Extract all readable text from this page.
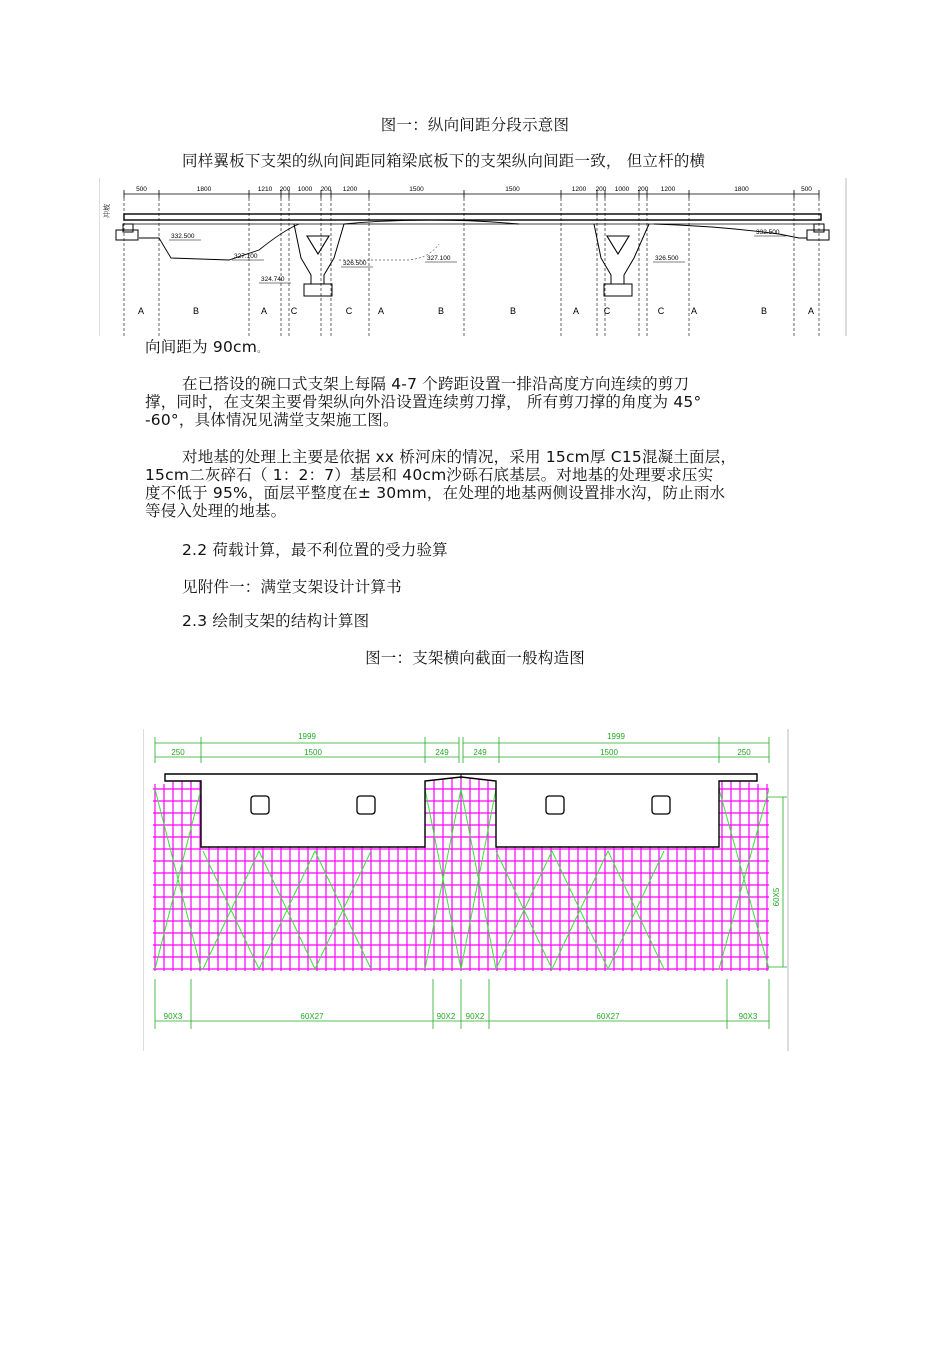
图一：纵向间距分段示意图
同样翼板下支架的纵向间距同箱梁底板下的支架纵向间距一致， 但立杆的横
500	1800	1210 200 1000 200 1200	1500	1500	1200 200 1000 200 1200	1800	500
冲坡
332.500
327.100
324.740
326.500
327.100	326.500
332.500
A	B	A	C	C	A	B	B	A	C	C	A	B	A
向间距为 90cm。
在已搭设的碗口式支架上每隔 4-7 个跨距设置一排沿高度方向连续的剪刀
撑，同时，在支架主要骨架纵向外沿设置连续剪刀撑， 所有剪刀撑的角度为 45°
-60°，具体情况见满堂支架施工图。
对地基的处理上主要是依据 xx 桥河床的情况，采用 15cm厚 C15混凝土面层，
15cm二灰碎石（ 1：2：7）基层和 40cm沙砾石底基层。对地基的处理要求压实
度不低于 95%，面层平整度在± 30mm，在处理的地基两侧设置排水沟，防止雨水
等侵入处理的地基。
2.2 荷载计算，最不利位置的受力验算
见附件一：满堂支架设计计算书
2.3 绘制支架的结构计算图
图一：支架横向截面一般构造图
1999	1999
250	1500	249	249	1500	250
60X5
90X3	60X27	90X2 90X2	60X27	90X3
